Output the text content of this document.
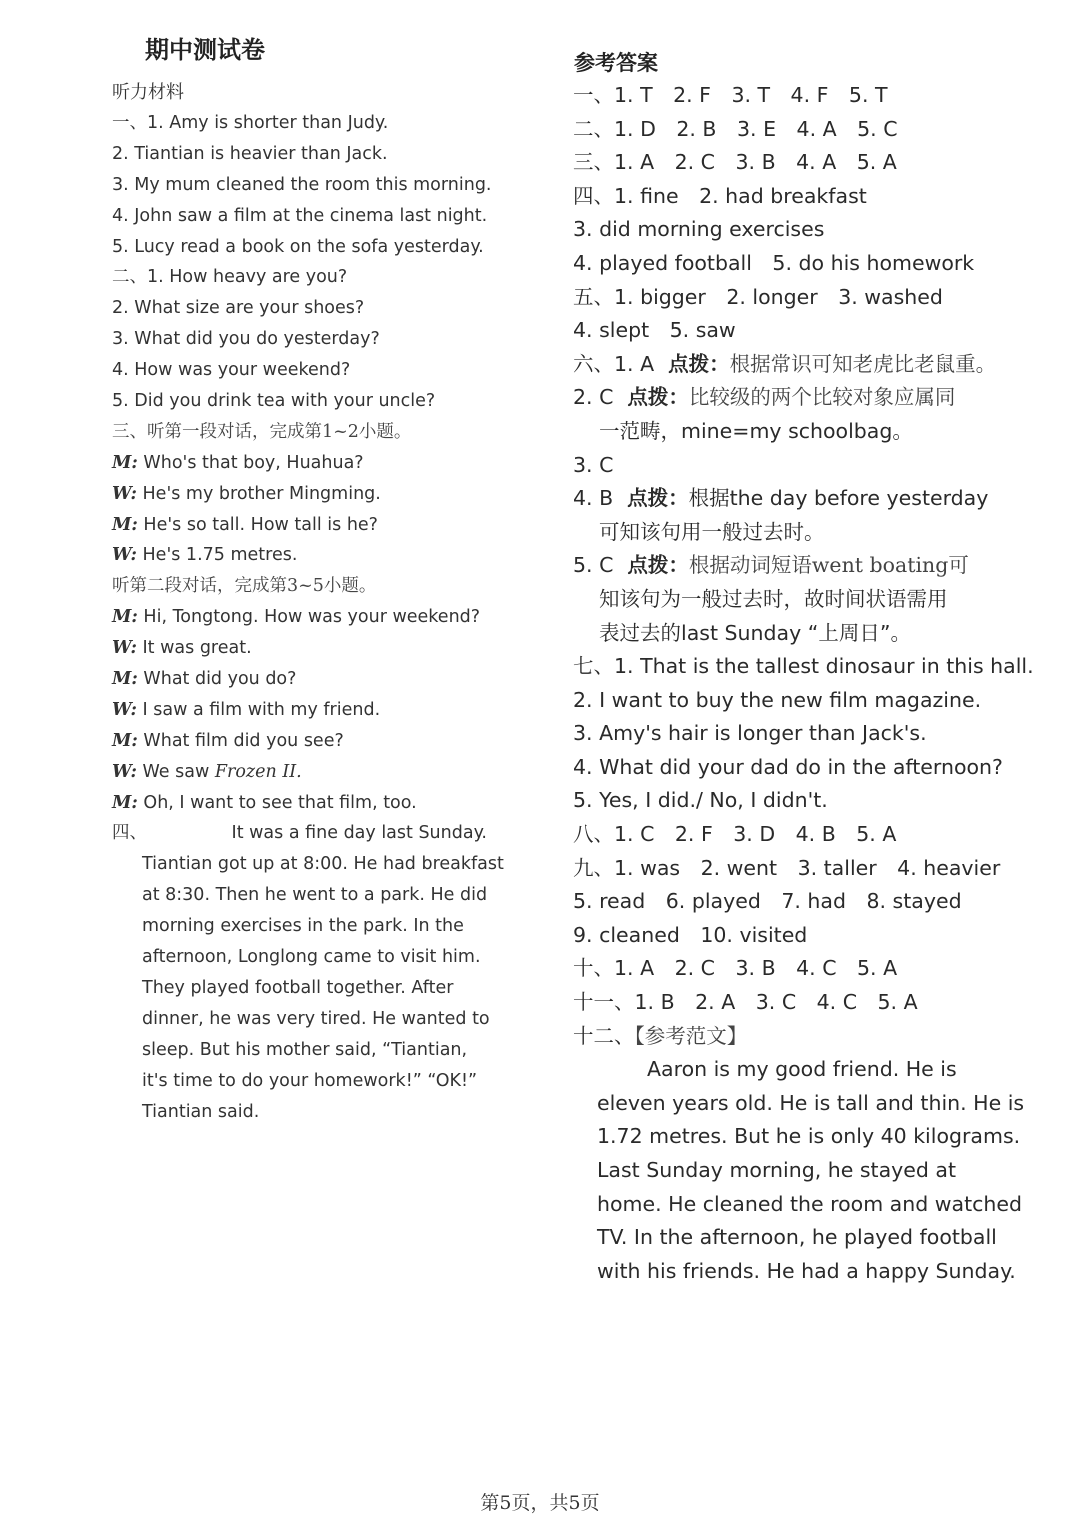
期中测试卷
听力材料
一、1. Amy is shorter than Judy.
2. Tiantian is heavier than Jack.
3. My mum cleaned the room this morning.
4. John saw a film at the cinema last night.
5. Lucy read a book on the sofa yesterday.
二、1. How heavy are you?
2. What size are your shoes?
3. What did you do yesterday?
4. How was your weekend?
5. Did you drink tea with your uncle?
三、听第一段对话，完成第1~2小题。
M: Who's that boy, Huahua?
W: He's my brother Mingming.
M: He's so tall. How tall is he?
W: He's 1.75 metres.
听第二段对话，完成第3~5小题。
M: Hi, Tongtong. How was your weekend?
W: It was great.
M: What did you do?
W: I saw a film with my friend.
M: What film did you see?
W: We saw Frozen II.
M: Oh, I want to see that film, too.
四、	It was a fine day last Sunday.
Tiantian got up at 8:00. He had breakfast
at 8:30. Then he went to a park. He did
morning exercises in the park. In the
afternoon, Longlong came to visit him.
They played football together. After
dinner, he was very tired. He wanted to
sleep. But his mother said, “Tiantian,
it's time to do your homework!” “OK!”
Tiantian said.
参考答案
一、1. T　2. F　3. T　4. F　5. T
二、1. D　2. B　3. E　4. A　5. C
三、1. A　2. C　3. B　4. A　5. A
四、1. fine　2. had breakfast
3. did morning exercises
4. played football　5. do his homework
五、1. bigger　2. longer　3. washed
4. slept　5. saw
六、1. A 点拨：根据常识可知老虎比老鼠重。
2. C 点拨：比较级的两个比较对象应属同
一范畴，mine=my schoolbag。
3. C
4. B 点拨：根据the day before yesterday
可知该句用一般过去时。
5. C 点拨：根据动词短语went boating可
知该句为一般过去时，故时间状语需用
表过去的last Sunday “上周日”。
七、1. That is the tallest dinosaur in this hall.
2. I want to buy the new film magazine.
3. Amy's hair is longer than Jack's.
4. What did your dad do in the afternoon?
5. Yes, I did./ No, I didn't.
八、1. C　2. F　3. D　4. B　5. A
九、1. was　2. went　3. taller　4. heavier
5. read　6. played　7. had　8. stayed
9. cleaned　10. visited
十、1. A　2. C　3. B　4. C　5. A
十一、1. B　2. A　3. C　4. C　5. A
十二、【参考范文】
Aaron is my good friend. He is
eleven years old. He is tall and thin. He is
1.72 metres. But he is only 40 kilograms.
Last Sunday morning, he stayed at
home. He cleaned the room and watched
TV. In the afternoon, he played football
with his friends. He had a happy Sunday.
第5页，共5页
